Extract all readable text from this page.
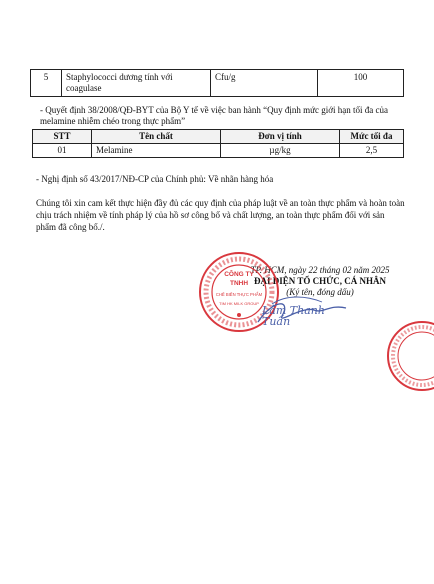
5	Staphylococci dương tính với coagulase	Cfu/g	100
- Quyết định 38/2008/QĐ-BYT của Bộ Y tế về việc ban hành “Quy định mức giới hạn tối đa của melamine nhiễm chéo trong thực phẩm”
STT	Tên chất	Đơn vị tính	Mức tối đa
01	Melamine	µg/kg	2,5
- Nghị định số 43/2017/NĐ-CP của Chính phủ: Về nhãn hàng hóa
Chúng tôi xin cam kết thực hiện đầy đủ các quy định của pháp luật về an toàn thực phẩm và hoàn toàn chịu trách nhiệm về tính pháp lý của hồ sơ công bố và chất lượng, an toàn thực phẩm đối với sản phẩm đã công bố./.
TP. HCM, ngày 22 tháng 02 năm 2025
ĐẠI DIỆN TỔ CHỨC, CÁ NHÂN
(Ký tên, đóng dấu)
CÔNG TY
TNHH
CHẾ BIẾN THỰC PHẨM
TIM HK MILK GROUP
Lâm Thanh Tuấn
